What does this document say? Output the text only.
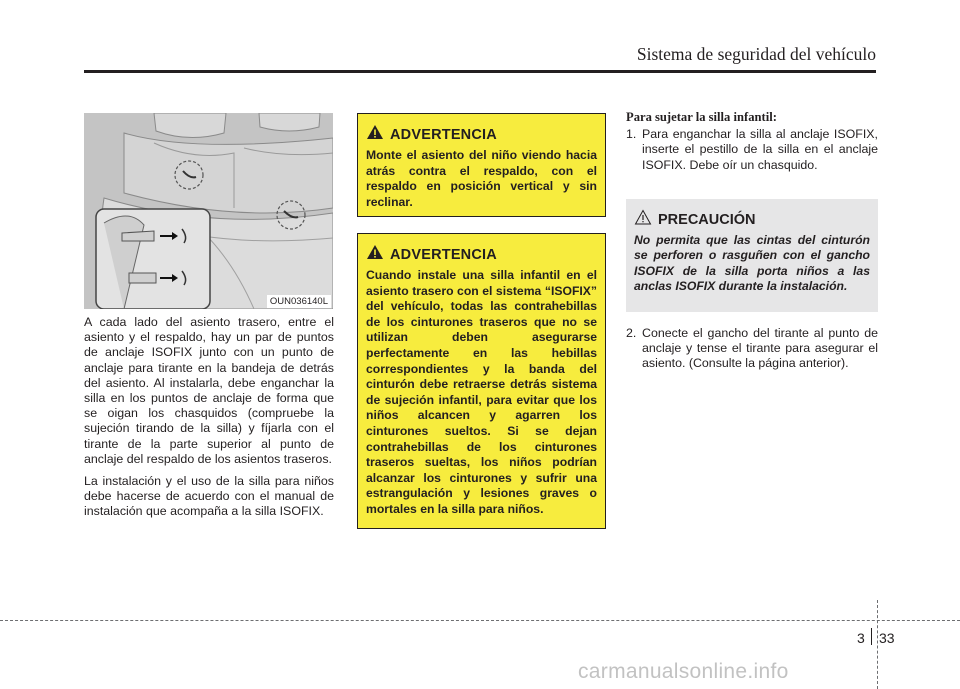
Sistema de seguridad del vehículo
OUN036140L

A cada lado del asiento trasero, entre el asiento y el respaldo, hay un par de puntos de anclaje ISOFIX junto con un punto de anclaje para tirante en la bandeja de detrás del asiento. Al instalarla, debe enganchar la silla en los puntos de anclaje de forma que se oigan los chasquidos (compruebe la sujeción tirando de la silla) y fíjarla con el tirante de la parte superior al punto de anclaje del respaldo de los asientos traseros.

La instalación y el uso de la silla para niños debe hacerse de acuerdo con el manual de instalación que acompaña a la silla ISOFIX.

ADVERTENCIA
Monte el asiento del niño viendo hacia atrás contra el respaldo, con el respaldo en posición vertical y sin reclinar.
ADVERTENCIA
Cuando instale una silla infantil en el asiento trasero con el sistema “ISOFIX” del vehículo, todas las contrahebillas de los cinturones traseros que no se utilizan deben asegurarse perfectamente en las hebillas correspondientes y la banda del cinturón debe retraerse detrás sistema de sujeción infantil, para evitar que los niños alcancen y agarren los cinturones sueltos. Si se dejan contrahebillas de los cinturones traseros sueltas, los niños podrían alcanzar los cinturones y sufrir una estrangulación y lesiones graves o mortales en la silla para niños.
Para sujetar la silla infantil:
1. Para enganchar la silla al anclaje ISOFIX, inserte el pestillo de la silla en el anclaje ISOFIX. Debe oír un chasquido.
PRECAUCIÓN
No permita que las cintas del cinturón se perforen o rasguñen con el gancho ISOFIX de la silla porta niños a las anclas ISOFIX durante la instalación.
2. Conecte el gancho del tirante al punto de anclaje y tense el tirante para asegurar el asiento. (Consulte la página anterior).
3 33
carmanualsonline.info
